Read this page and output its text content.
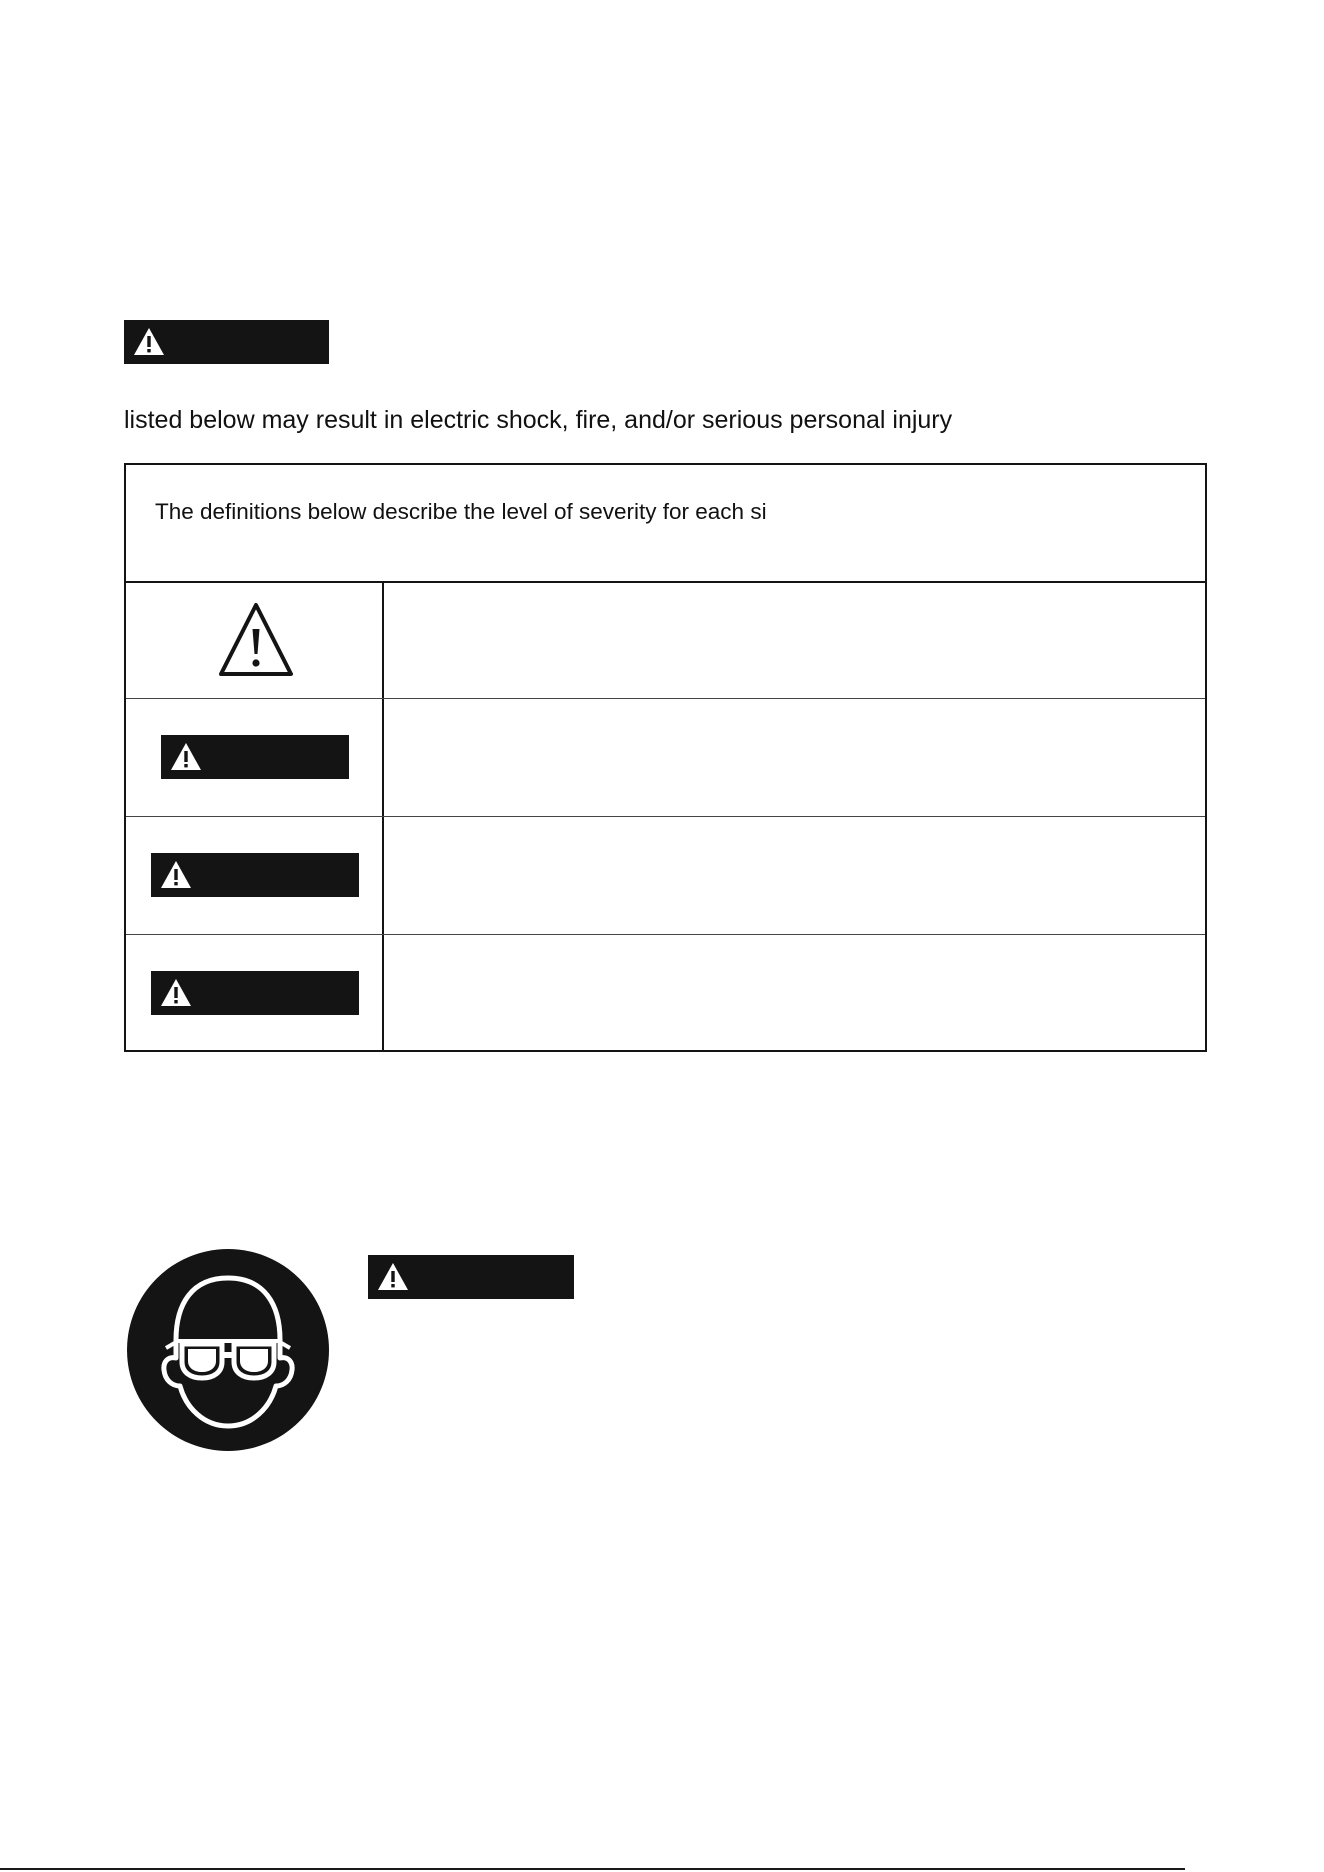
listed below may result in electric shock, fire, and/or serious personal injury
The definitions below describe the level of severity for each si
